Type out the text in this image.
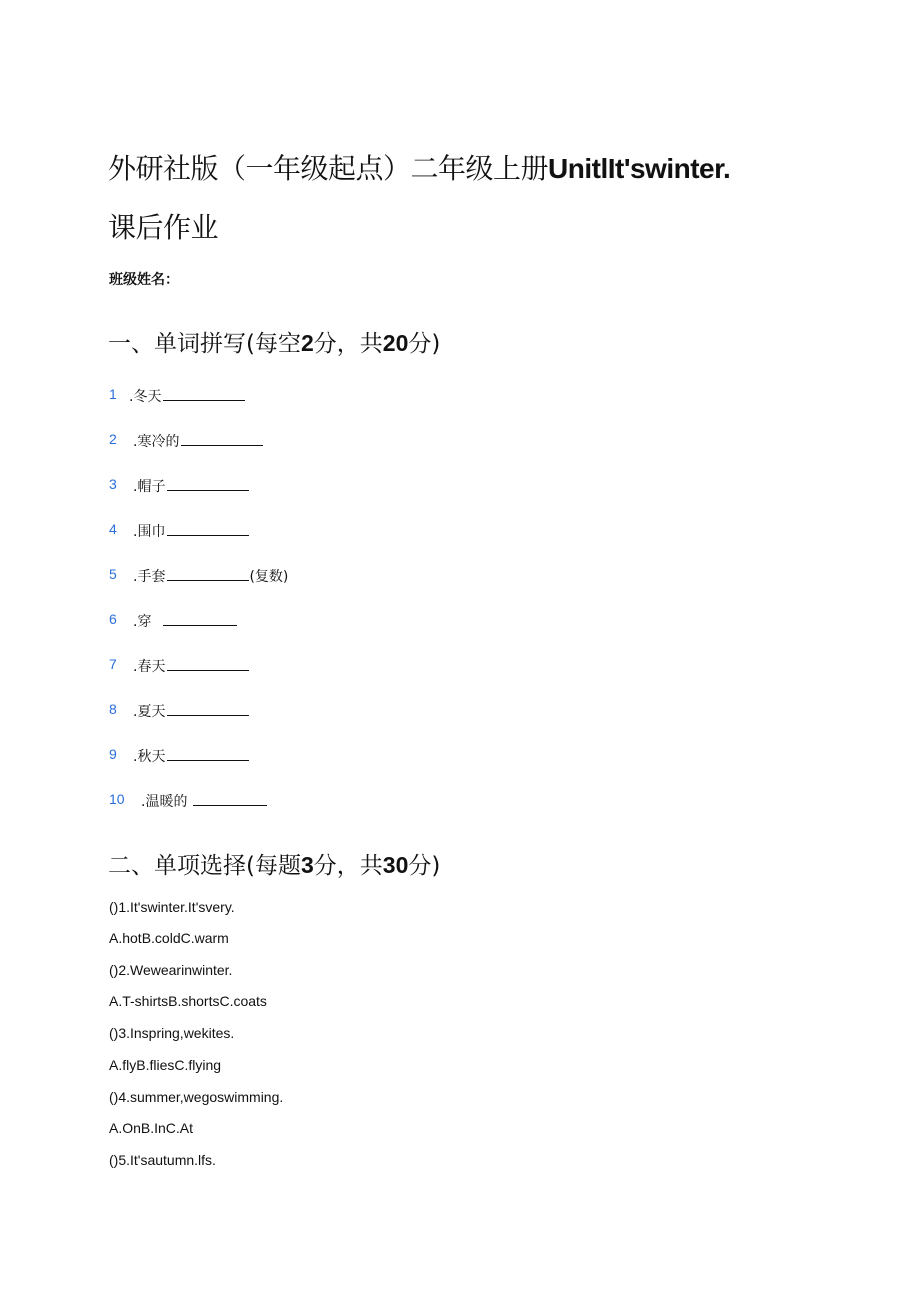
外研社版（一年级起点）二年级上册UnitlIt'swinter.
课后作业
班级姓名：
一、单词拼写(每空2分，共20分)
1 .冬天
2 .寒冷的
3 .帽子
4 .围巾
5 .手套	(复数)
6 .穿
7 .春天
8 .夏天
9 .秋天
10 .温暖的
二、单项选择(每题3分，共30分)
()1.It'swinter.It'svery.
A.hotB.coldC.warm
()2.Wewearinwinter.
A.T-shirtsB.shortsC.coats
()3.Inspring,wekites.
A.flyB.fliesC.flying
()4.summer,wegoswimming.
A.OnB.InC.At
()5.It'sautumn.lfs.
